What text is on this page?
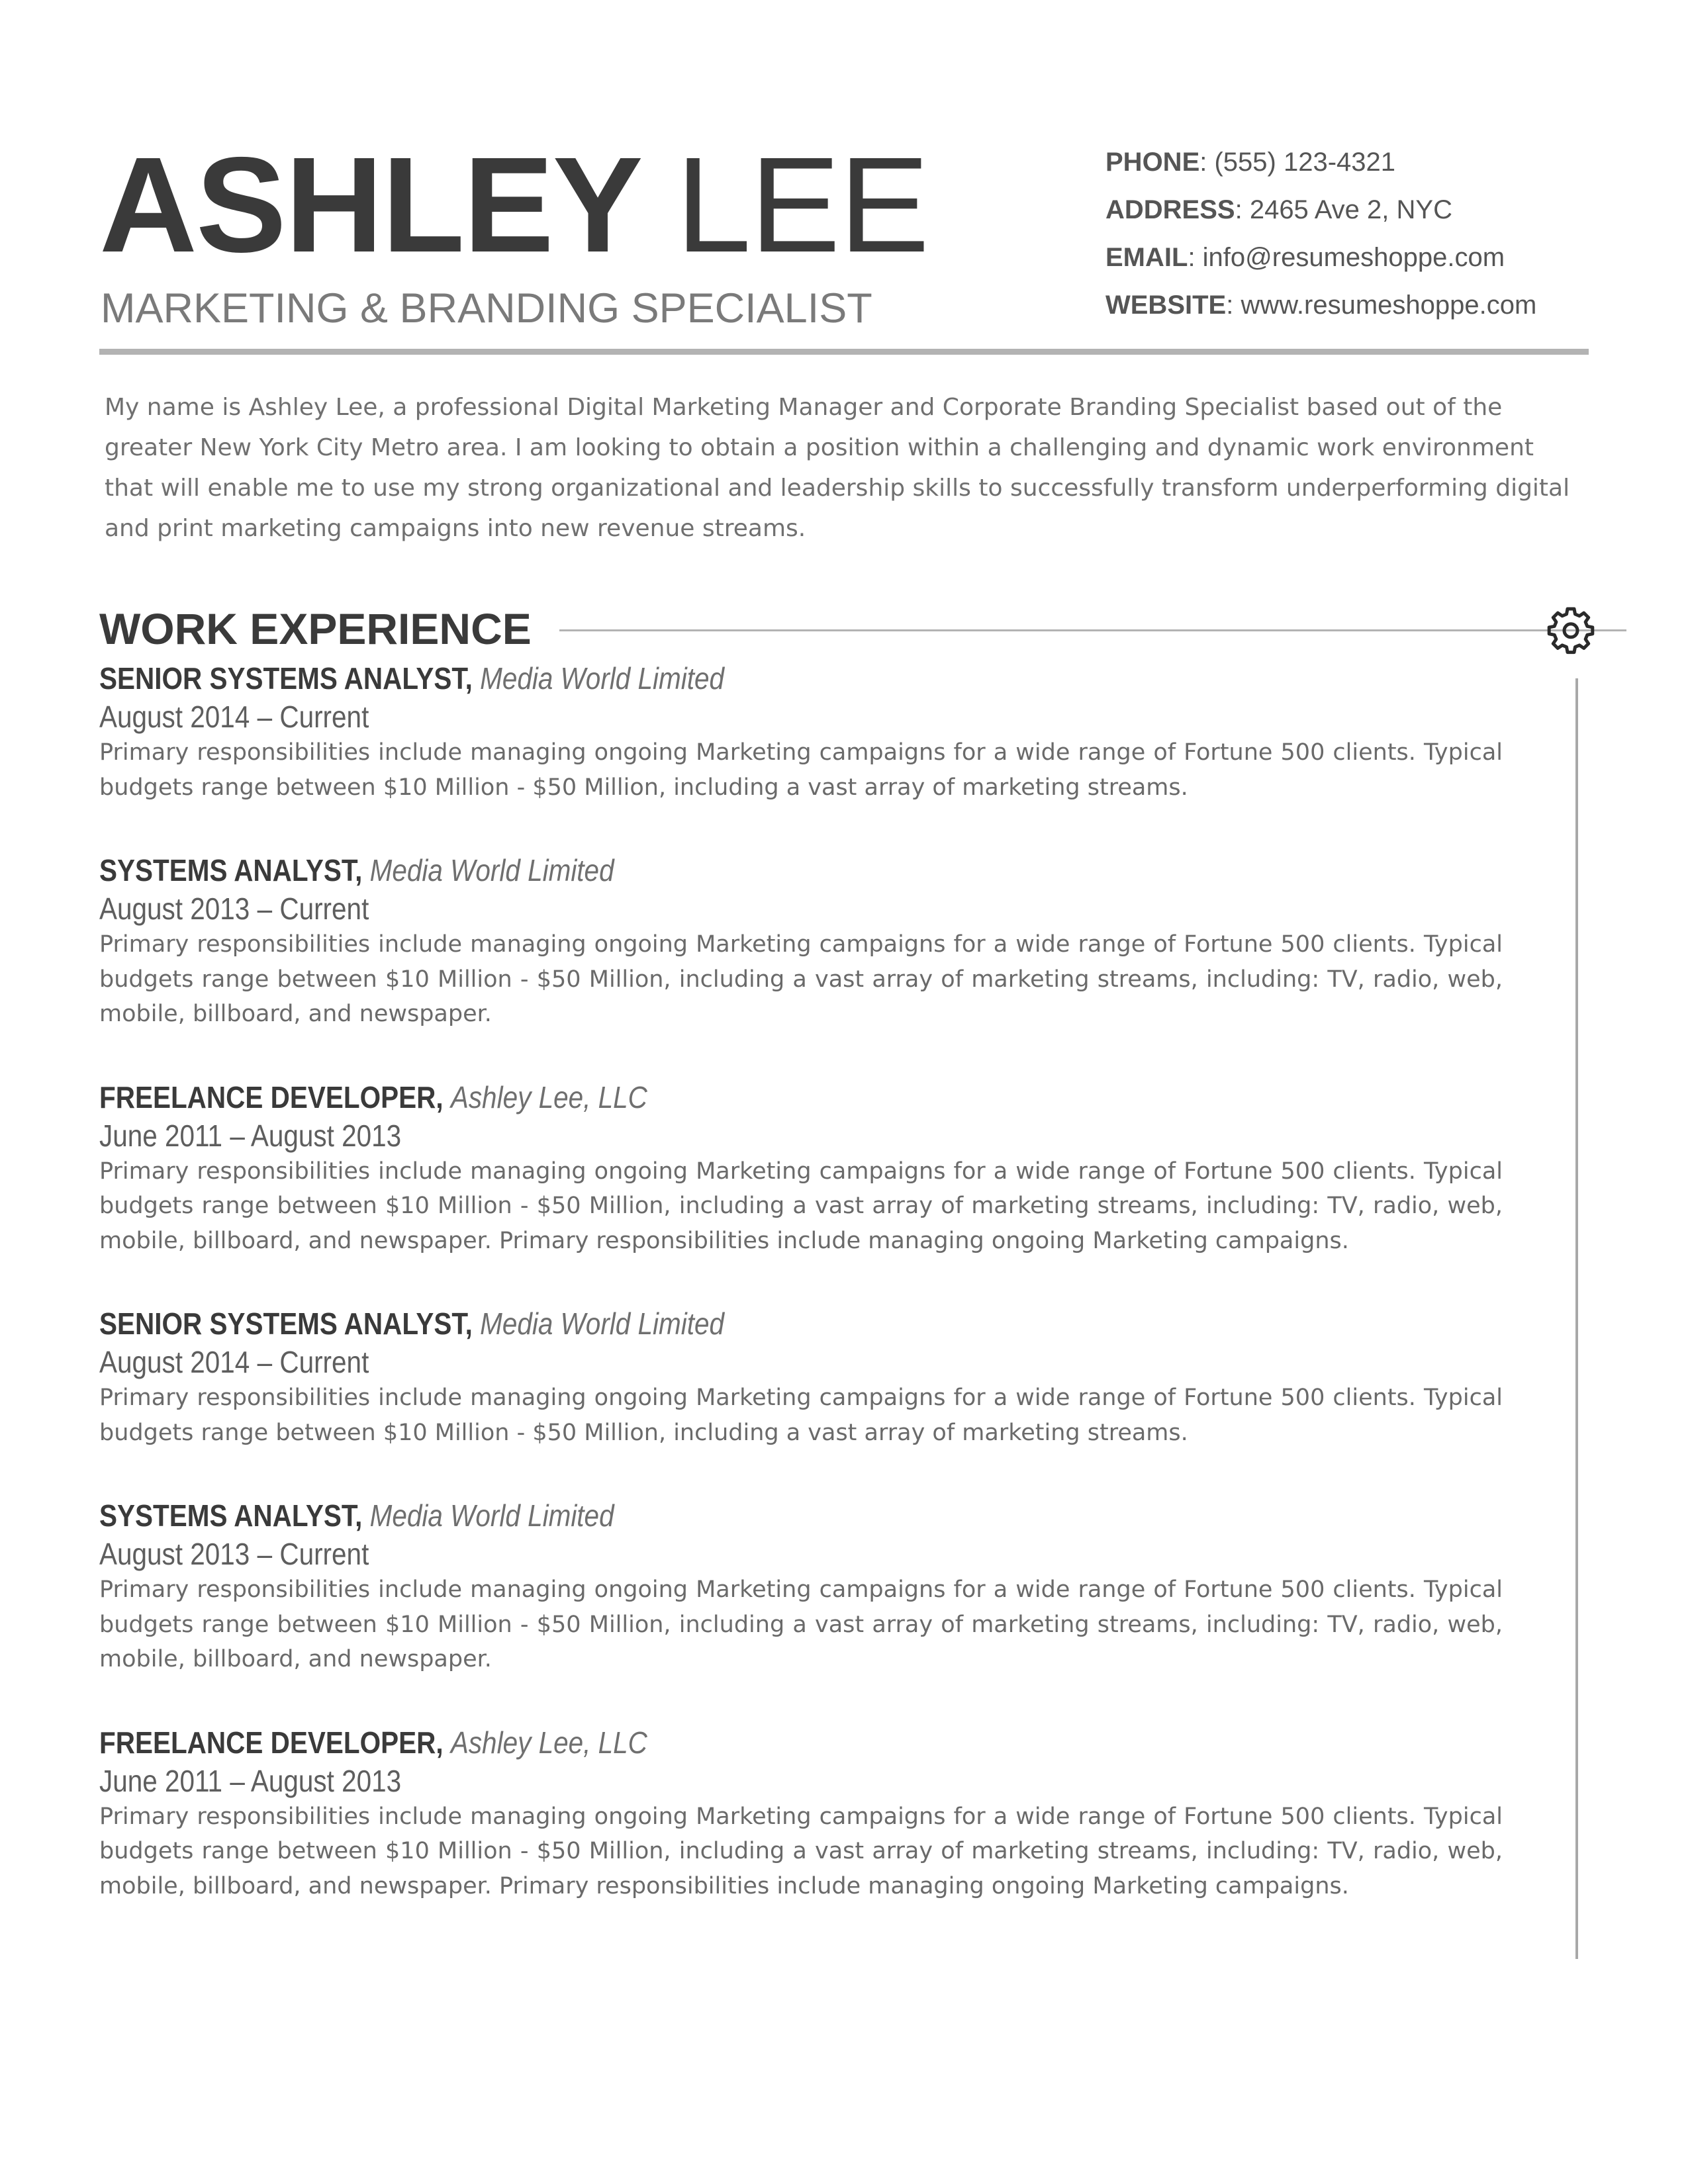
ASHLEY LEE
MARKETING & BRANDING SPECIALIST
PHONE: (555) 123-4321
ADDRESS: 2465 Ave 2, NYC
EMAIL: info@resumeshoppe.com
WEBSITE: www.resumeshoppe.com

My name is Ashley Lee, a professional Digital Marketing Manager and Corporate Branding Specialist based out of the greater New York City Metro area. I am looking to obtain a position within a challenging and dynamic work environment that will enable me to use my strong organizational and leadership skills to successfully transform underperforming digital and print marketing campaigns into new revenue streams.

WORK EXPERIENCE
SENIOR SYSTEMS ANALYST, Media World Limited
August 2014 – Current

Primary responsibilities include managing ongoing Marketing campaigns for a wide range of Fortune 500 clients. Typical budgets range between $10 Million - $50 Million, including a vast array of marketing streams.

SYSTEMS ANALYST, Media World Limited
August 2013 – Current

Primary responsibilities include managing ongoing Marketing campaigns for a wide range of Fortune 500 clients. Typical budgets range between $10 Million - $50 Million, including a vast array of marketing streams, including: TV, radio, web, mobile, billboard, and newspaper.

FREELANCE DEVELOPER, Ashley Lee, LLC
June 2011 – August 2013

Primary responsibilities include managing ongoing Marketing campaigns for a wide range of Fortune 500 clients. Typical budgets range between $10 Million - $50 Million, including a vast array of marketing streams, including: TV, radio, web, mobile, billboard, and newspaper. Primary responsibilities include managing ongoing Marketing campaigns.

SENIOR SYSTEMS ANALYST, Media World Limited
August 2014 – Current

Primary responsibilities include managing ongoing Marketing campaigns for a wide range of Fortune 500 clients. Typical budgets range between $10 Million - $50 Million, including a vast array of marketing streams.

SYSTEMS ANALYST, Media World Limited
August 2013 – Current

Primary responsibilities include managing ongoing Marketing campaigns for a wide range of Fortune 500 clients. Typical budgets range between $10 Million - $50 Million, including a vast array of marketing streams, including: TV, radio, web, mobile, billboard, and newspaper.

FREELANCE DEVELOPER, Ashley Lee, LLC
June 2011 – August 2013

Primary responsibilities include managing ongoing Marketing campaigns for a wide range of Fortune 500 clients. Typical budgets range between $10 Million - $50 Million, including a vast array of marketing streams, including: TV, radio, web, mobile, billboard, and newspaper. Primary responsibilities include managing ongoing Marketing campaigns.
